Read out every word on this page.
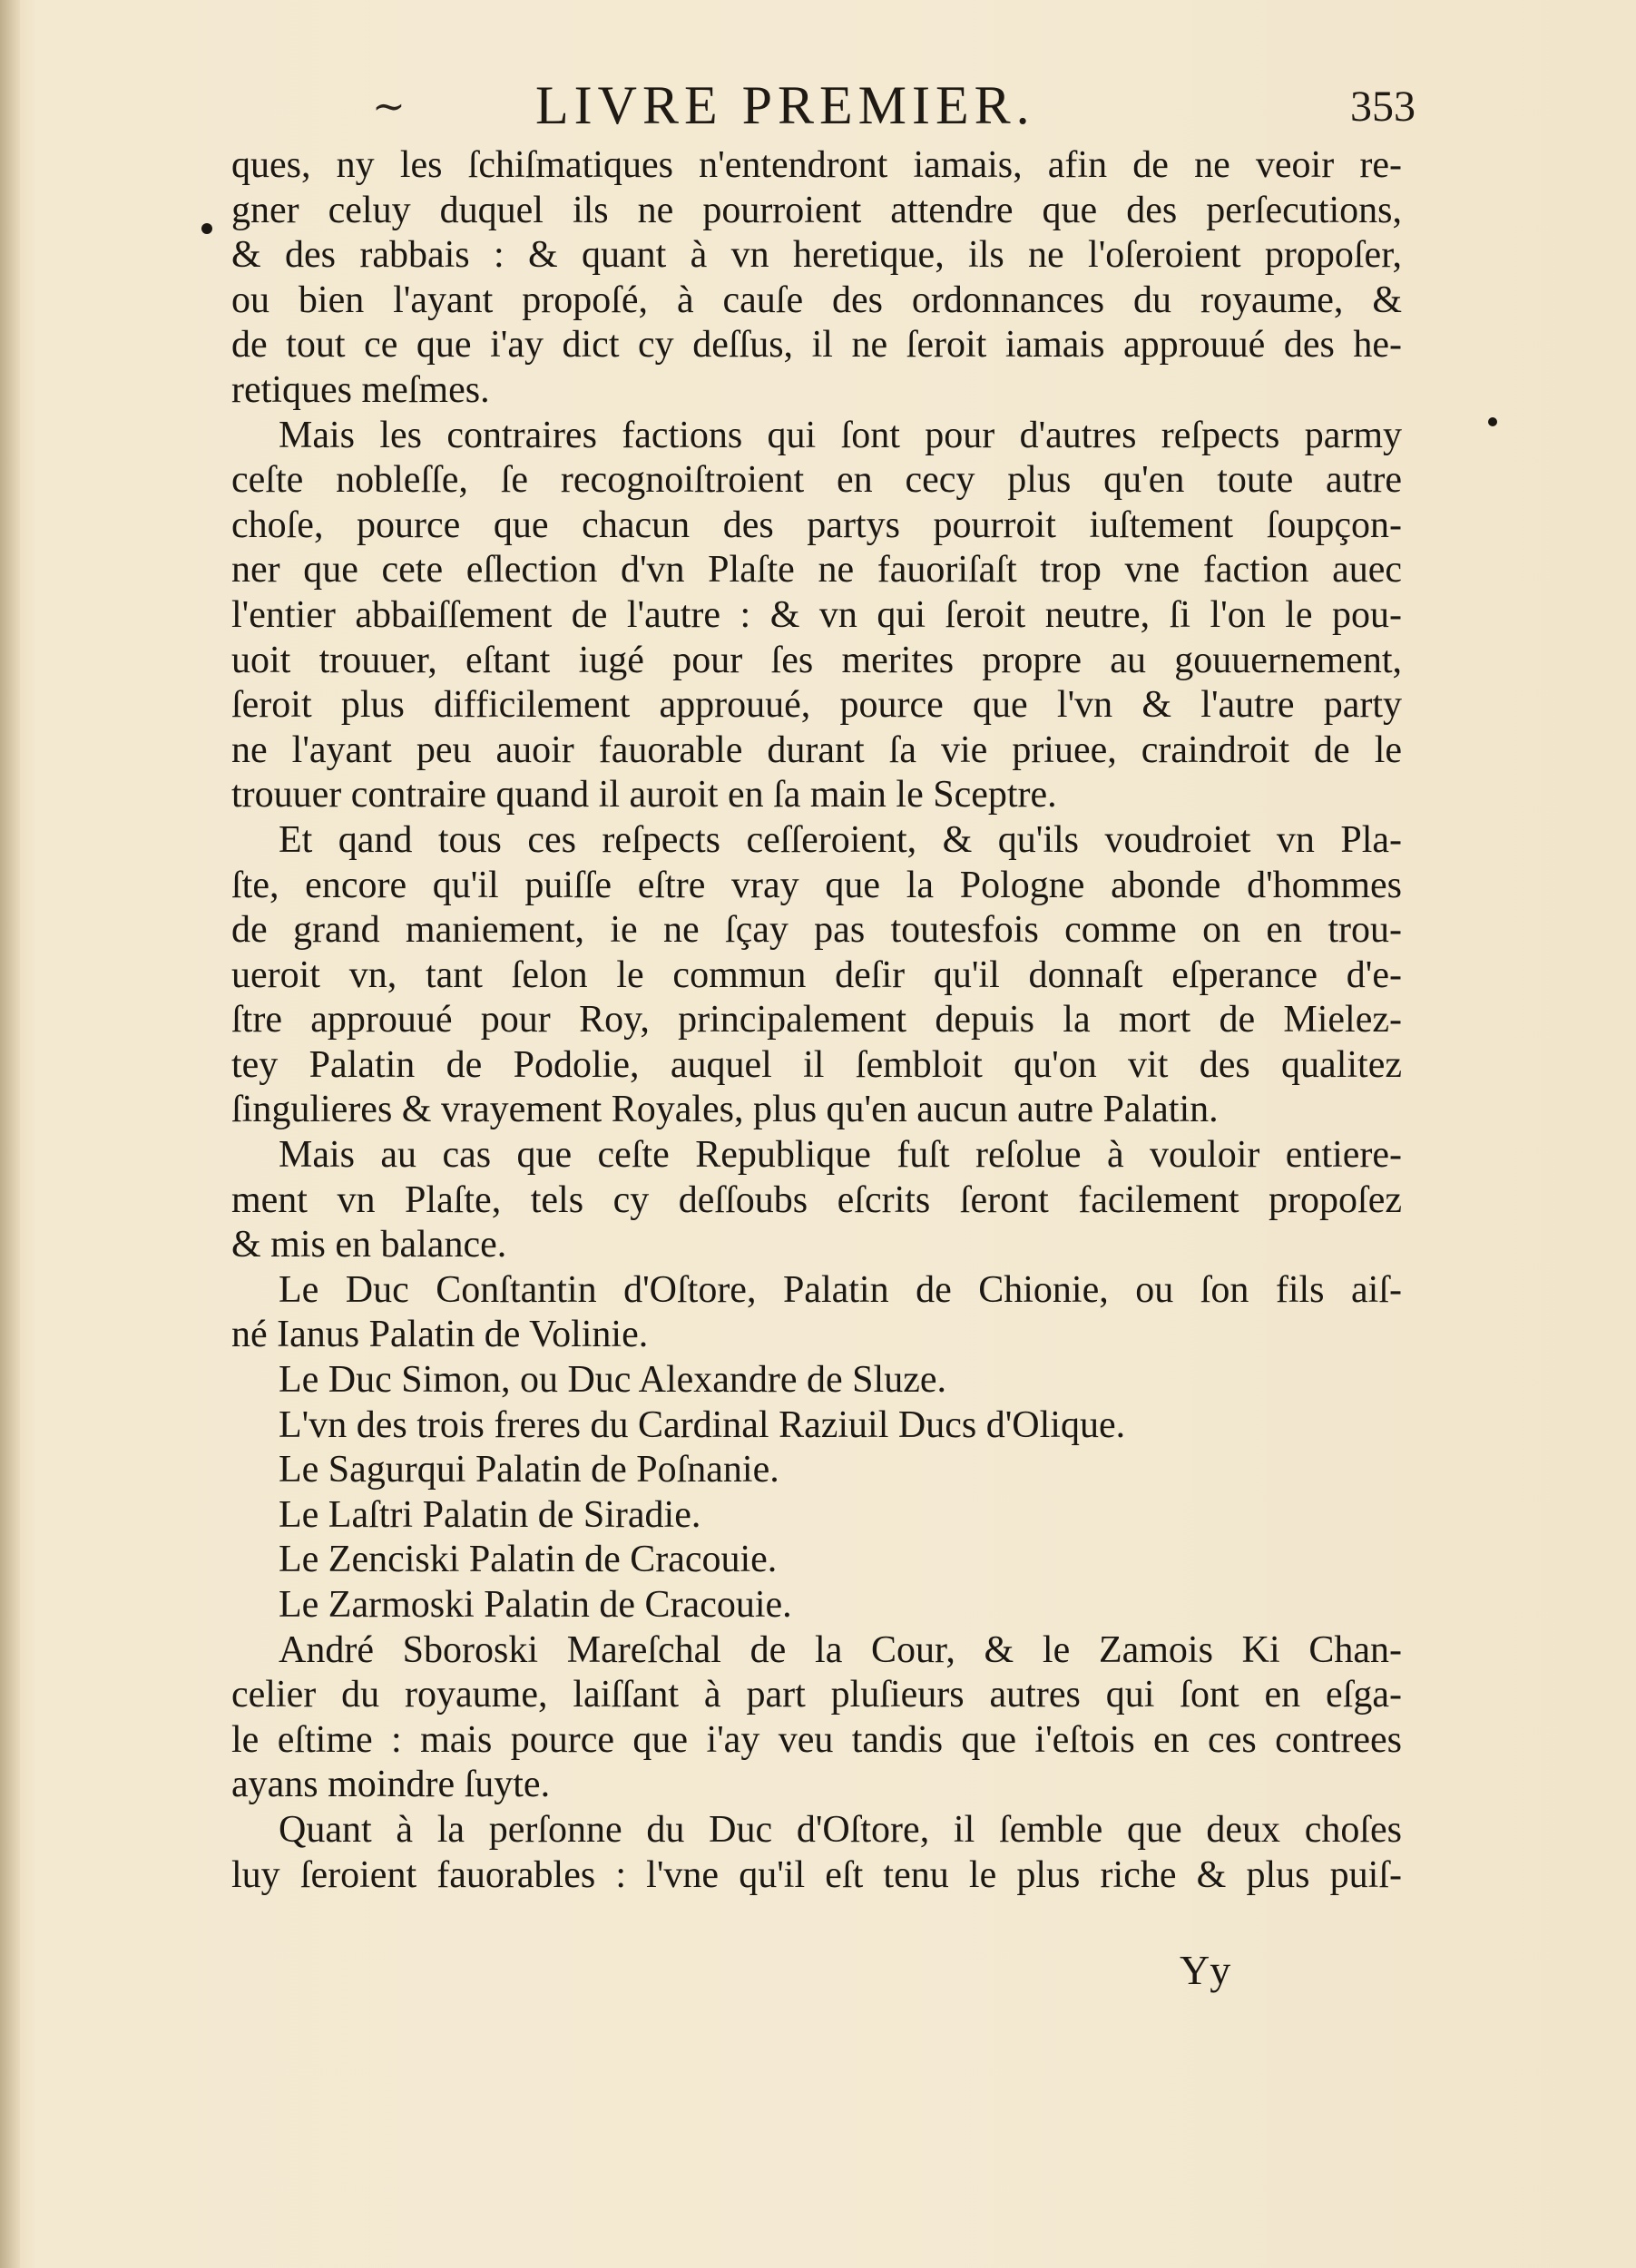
~ LIVRE PREMIER.	353
ques, ny les ſchiſmatiques n'entendront iamais, afin de ne veoir re-
gner celuy duquel ils ne pourroient attendre que des perſecutions,
& des rabbais : & quant à vn heretique, ils ne l'oſeroient propoſer,
ou bien l'ayant propoſé, à cauſe des ordonnances du royaume, &
de tout ce que i'ay dict cy deſſus, il ne ſeroit iamais approuué des he-
retiques meſmes.
Mais les contraires factions qui ſont pour d'autres reſpects parmy
ceſte nobleſſe, ſe recognoiſtroient en cecy plus qu'en toute autre
choſe, pource que chacun des partys pourroit iuſtement ſoupçon-
ner que cete eſlection d'vn Plaſte ne fauoriſaſt trop vne faction auec
l'entier abbaiſſement de l'autre : & vn qui ſeroit neutre, ſi l'on le pou-
uoit trouuer, eſtant iugé pour ſes merites propre au gouuernement,
ſeroit plus difficilement approuué, pource que l'vn & l'autre party
ne l'ayant peu auoir fauorable durant ſa vie priuee, craindroit de le
trouuer contraire quand il auroit en ſa main le Sceptre.
Et qand tous ces reſpects ceſſeroient, & qu'ils voudroiet vn Pla-
ſte, encore qu'il puiſſe eſtre vray que la Pologne abonde d'hommes
de grand maniement, ie ne ſçay pas toutesfois comme on en trou-
ueroit vn, tant ſelon le commun deſir qu'il donnaſt eſperance d'e-
ſtre approuué pour Roy, principalement depuis la mort de Mielez-
tey Palatin de Podolie, auquel il ſembloit qu'on vit des qualitez
ſingulieres & vrayement Royales, plus qu'en aucun autre Palatin.
Mais au cas que ceſte Republique fuſt reſolue à vouloir entiere-
ment vn Plaſte, tels cy deſſoubs eſcrits ſeront facilement propoſez
& mis en balance.
Le Duc Conſtantin d'Oſtore, Palatin de Chionie, ou ſon fils aiſ-
né Ianus Palatin de Volinie.
Le Duc Simon, ou Duc Alexandre de Sluze.
L'vn des trois freres du Cardinal Raziuil Ducs d'Olique.
Le Sagurqui Palatin de Poſnanie.
Le Laſtri Palatin de Siradie.
Le Zenciski Palatin de Cracouie.
Le Zarmoski Palatin de Cracouie.
André Sboroski Mareſchal de la Cour, & le Zamois Ki Chan-
celier du royaume, laiſſant à part pluſieurs autres qui ſont en eſga-
le eſtime : mais pource que i'ay veu tandis que i'eſtois en ces contrees
ayans moindre ſuyte.
Quant à la perſonne du Duc d'Oſtore, il ſemble que deux choſes
luy ſeroient fauorables : l'vne qu'il eſt tenu le plus riche & plus puiſ-
Yy
